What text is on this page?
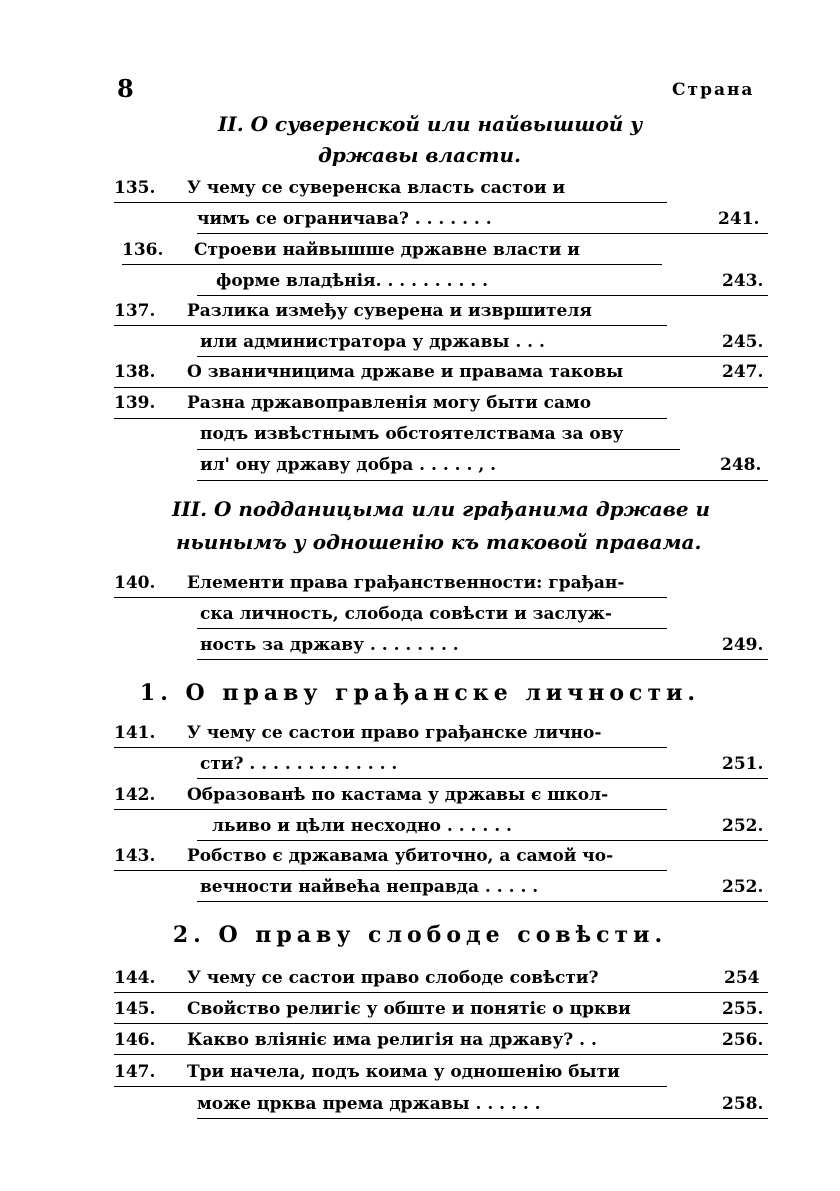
8	Страна
II. О суверенской или найвышшой у
државы власти.
135. У чему се суверенска власть састои и
чимъ се ограничава? . . . . . . .	241.
136. Строеви найвышше државне власти и
форме владѣнія. . . . . . . . . .	243.
137. Разлика између суверена и извршителя
или администратора у државы . . .	245.
138. О званичницима државе и правама таковы	247.
139. Разна државоправленія могу быти само
подъ извѣстнымъ обстоятелствама за ову
ил' ону државу добра . . . . . , .	248.
III. О подданицыма или грађанима државе и
ньинымъ у одношенію къ таковой правама.
140. Елементи права грађанственности: грађан-
ска личность, слобода совѣсти и заслуж-
ность за државу . . . . . . . .	249.
1. О праву грађанске личности.
141. У чему се састои право грађанске лично-
сти? . . . . . . . . . . . . .	251.
142. Образованѣ по кастама у државы є школ-
льиво и цѣли несходно . . . . . .	252.
143. Робство є државама убиточно, а самой чо-
вечности найвећа неправда . . . . .	252.
2. О праву слободе совѣсти.
144. У чему се састои право слободе совѣсти?	254
145. Свойство религіє у обште и понятіє о цркви	255.
146. Какво вліяніє има религія на државу? . .	256.
147. Три начела, подъ коима у одношенію быти
може црква према државы . . . . . .	258.
